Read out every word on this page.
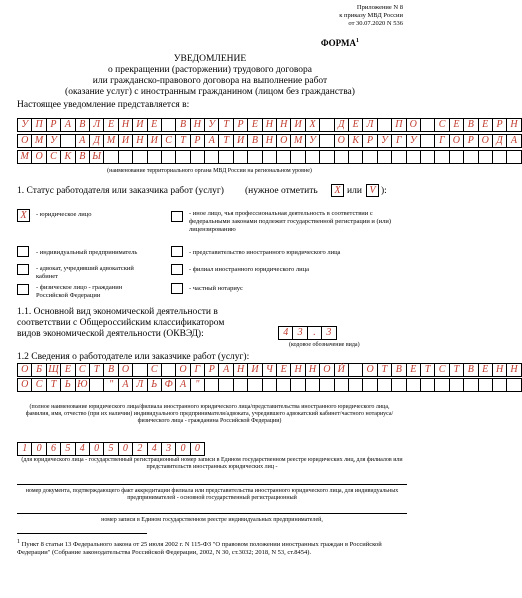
Приложение N 8
к приказу МВД России
от 30.07.2020 N 536
ФОРМА$^1$
УВЕДОМЛЕНИЕ
о прекращении (расторжении) трудового договора
или гражданско-правового договора на выполнение работ
(оказание услуг) с иностранным гражданином (лицом без гражданства)
Настоящее уведомление представляется в:
(наименование территориального органа МВД России на региональном уровне)
1. Статус работодателя или заказчика работ (услуг) (нужное отметить	X или V ):
X	- юридическое лицо
- индивидуальный предприниматель
- адвокат, учредивший адвокатский кабинет
- физическое лицо - гражданин Российской Федерации
- иное лицо, чья профессиональная деятельность в соответствии с федеральными законами подлежит государственной регистрации и (или) лицензированию
- представительство иностранного юридического лица
- филиал иностранного юридического лица
- частный нотариус
1.1. Основной вид экономической деятельности в
соответствии с Общероссийским классификатором
видов экономической деятельности (ОКВЭД):
(кодовое обозначение вида)
1.2 Сведения о работодателе или заказчике работ (услуг):
(полное наименование юридического лица/филиала иностранного юридического лица/представительства иностранного юридического лица, фамилия, имя, отчество (при их наличии) индивидуального предпринимателя/адвоката, учредившего адвокатский кабинет/частного нотариуса/физического лица - гражданина Российской Федерации)
(для юридического лица - государственный регистрационный номер записи в Едином государственном реестре юридических лиц, для филиалов или представительств иностранных юридических лиц -
номер документа, подтверждающего факт аккредитации филиала или представительства иностранного юридического лица, для индивидуальных предпринимателей - основной государственный регистрационный
номер записи в Едином государственном реестре индивидуальных предпринимателей,
1 Пункт 8 статьи 13 Федерального закона от 25 июля 2002 г. N 115-ФЗ "О правовом положении иностранных граждан в Российской Федерации" (Собрание законодательства Российской Федерации, 2002, N 30, ст.3032; 2018, N 53, ст.8454).
У П Р А В Л Е Н И Е	В Н У Т Р Е Н Н И Х	Д Е Л	П О	С Е В Е Р Н
О М У	А Д М И Н И С Т Р А Т И В Н О М У	О К Р У Г У	Г О Р О Д А
М О С К В Ы
О Б Щ Е С Т В О	С	О Г Р А Н И Ч Е Н Н О Й	О Т В Е Т С Т В Е Н Н
О С Т Ь Ю	" А Л Ь Ф А "
1 0 6 5 4 0 5 0 2 4 3 0 0
4 3	.	3
